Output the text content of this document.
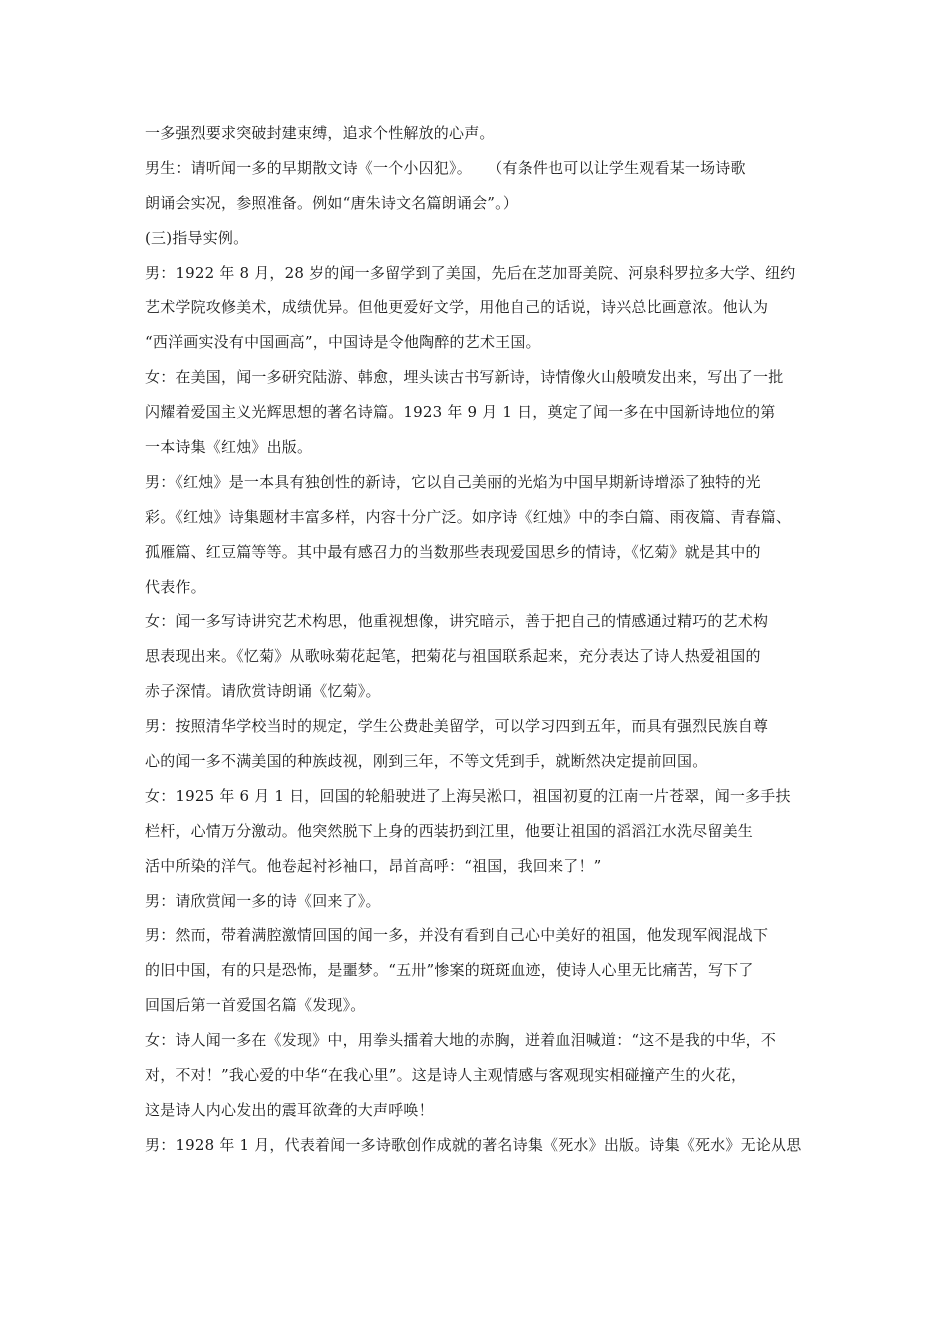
一多强烈要求突破封建束缚，追求个性解放的心声。
男生：请听闻一多的早期散文诗《一个小囚犯》。　　（有条件也可以让学生观看某一场诗歌
朗诵会实况，参照准备。例如“唐朱诗文名篇朗诵会”。）
(三)指导实例。
男：1922 年 8 月，28 岁的闻一多留学到了美国，先后在芝加哥美院、河泉科罗拉多大学、纽约
艺术学院攻修美术，成绩优异。但他更爱好文学，用他自己的话说，诗兴总比画意浓。他认为
“西洋画实没有中国画高”，中国诗是令他陶醉的艺术王国。
女：在美国，闻一多研究陆游、韩愈，埋头读古书写新诗，诗情像火山般喷发出来，写出了一批
闪耀着爱国主义光辉思想的著名诗篇。1923 年 9 月 1 日，奠定了闻一多在中国新诗地位的第
一本诗集《红烛》出版。
男：《红烛》是一本具有独创性的新诗，它以自己美丽的光焰为中国早期新诗增添了独特的光
彩。《红烛》诗集题材丰富多样，内容十分广泛。如序诗《红烛》中的李白篇、雨夜篇、青春篇、
孤雁篇、红豆篇等等。其中最有感召力的当数那些表现爱国思乡的情诗，《忆菊》就是其中的
代表作。
女：闻一多写诗讲究艺术构思，他重视想像，讲究暗示，善于把自己的情感通过精巧的艺术构
思表现出来。《忆菊》从歌咏菊花起笔，把菊花与祖国联系起来，充分表达了诗人热爱祖国的
赤子深情。请欣赏诗朗诵《忆菊》。
男：按照清华学校当时的规定，学生公费赴美留学，可以学习四到五年，而具有强烈民族自尊
心的闻一多不满美国的种族歧视，刚到三年，不等文凭到手，就断然决定提前回国。
女：1925 年 6 月 1 日，回国的轮船驶进了上海吴淞口，祖国初夏的江南一片苍翠，闻一多手扶
栏杆，心情万分激动。他突然脱下上身的西装扔到江里，他要让祖国的滔滔江水洗尽留美生
活中所染的洋气。他卷起衬衫袖口，昂首高呼：“祖国，我回来了！”
男：请欣赏闻一多的诗《回来了》。
男：然而，带着满腔激情回国的闻一多，并没有看到自己心中美好的祖国，他发现军阀混战下
的旧中国，有的只是恐怖，是噩梦。“五卅”惨案的斑斑血迹，使诗人心里无比痛苦，写下了
回国后第一首爱国名篇《发现》。
女：诗人闻一多在《发现》中，用拳头擂着大地的赤胸，迸着血泪喊道：“这不是我的中华，不
对，不对！”我心爱的中华“在我心里”。这是诗人主观情感与客观现实相碰撞产生的火花，
这是诗人内心发出的震耳欲聋的大声呼唤！
男：1928 年 1 月，代表着闻一多诗歌创作成就的著名诗集《死水》出版。诗集《死水》无论从思
